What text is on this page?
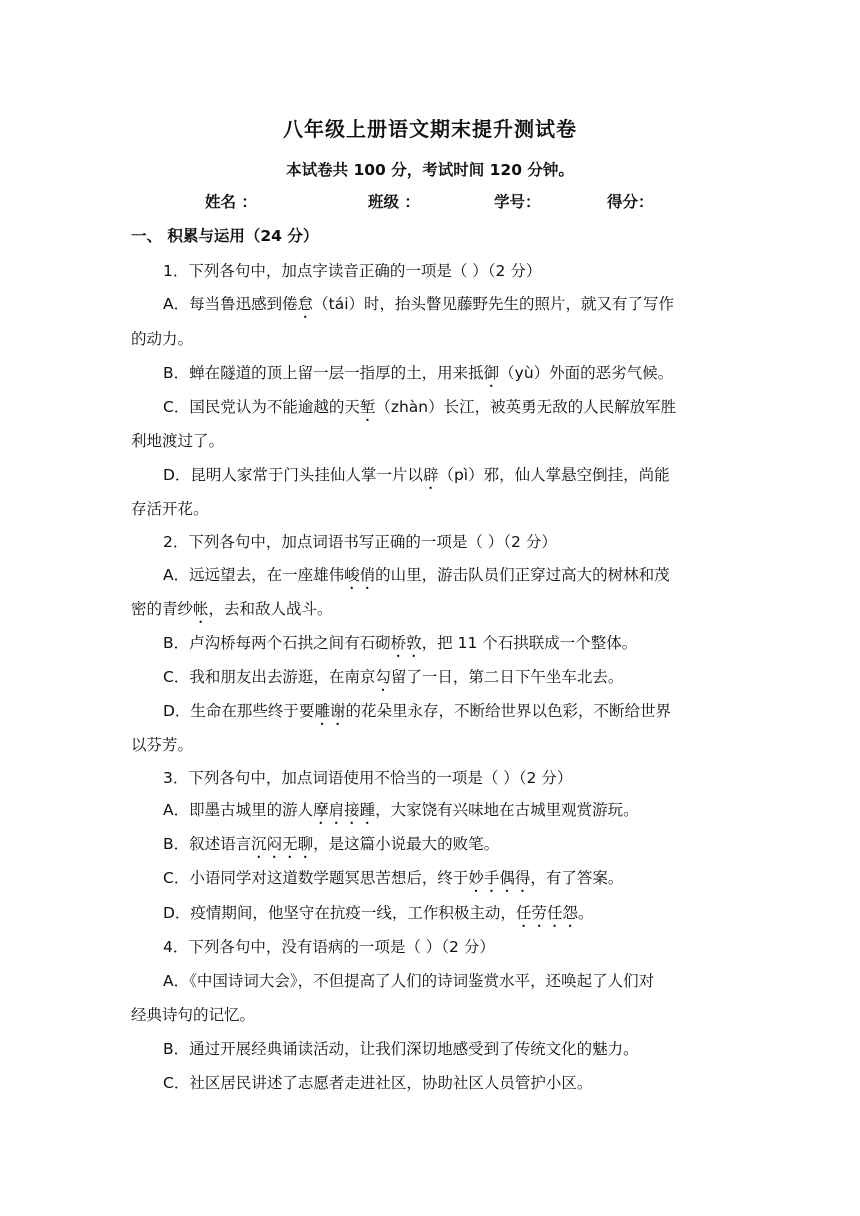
八年级上册语文期末提升测试卷
本试卷共 100 分，考试时间 120 分钟。
姓名 ：	班级 ：	学号：	得分：
一、 积累与运用（24 分）
1．下列各句中，加点字读音正确的一项是（ ）（2 分）
A．每当鲁迅感到倦怠（tái）时，抬头瞥见藤野先生的照片，就又有了写作
的动力。
B．蝉在隧道的顶上留一层一指厚的土，用来抵御（yù）外面的恶劣气候。
C．国民党认为不能逾越的天堑（zhàn）长江，被英勇无敌的人民解放军胜
利地渡过了。
D．昆明人家常于门头挂仙人掌一片以辟（pì）邪，仙人掌悬空倒挂，尚能
存活开花。
2．下列各句中，加点词语书写正确的一项是（ ）（2 分）
A．远远望去，在一座雄伟峻俏的山里，游击队员们正穿过高大的树林和茂
密的青纱帐，去和敌人战斗。
B．卢沟桥每两个石拱之间有石砌桥敦，把 11 个石拱联成一个整体。
C．我和朋友出去游逛，在南京勾留了一日，第二日下午坐车北去。
D．生命在那些终于要雕谢的花朵里永存，不断给世界以色彩，不断给世界
以芬芳。
3．下列各句中，加点词语使用不恰当的一项是（ ）（2 分）
A．即墨古城里的游人摩肩接踵，大家饶有兴味地在古城里观赏游玩。
B．叙述语言沉闷无聊，是这篇小说最大的败笔。
C．小语同学对这道数学题冥思苦想后，终于妙手偶得，有了答案。
D．疫情期间，他坚守在抗疫一线，工作积极主动，任劳任怨。
4．下列各句中，没有语病的一项是（ ）（2 分）
A．《中国诗词大会》，不但提高了人们的诗词鉴赏水平，还唤起了人们对
经典诗句的记忆。
B．通过开展经典诵读活动，让我们深切地感受到了传统文化的魅力。
C．社区居民讲述了志愿者走进社区，协助社区人员管护小区。
